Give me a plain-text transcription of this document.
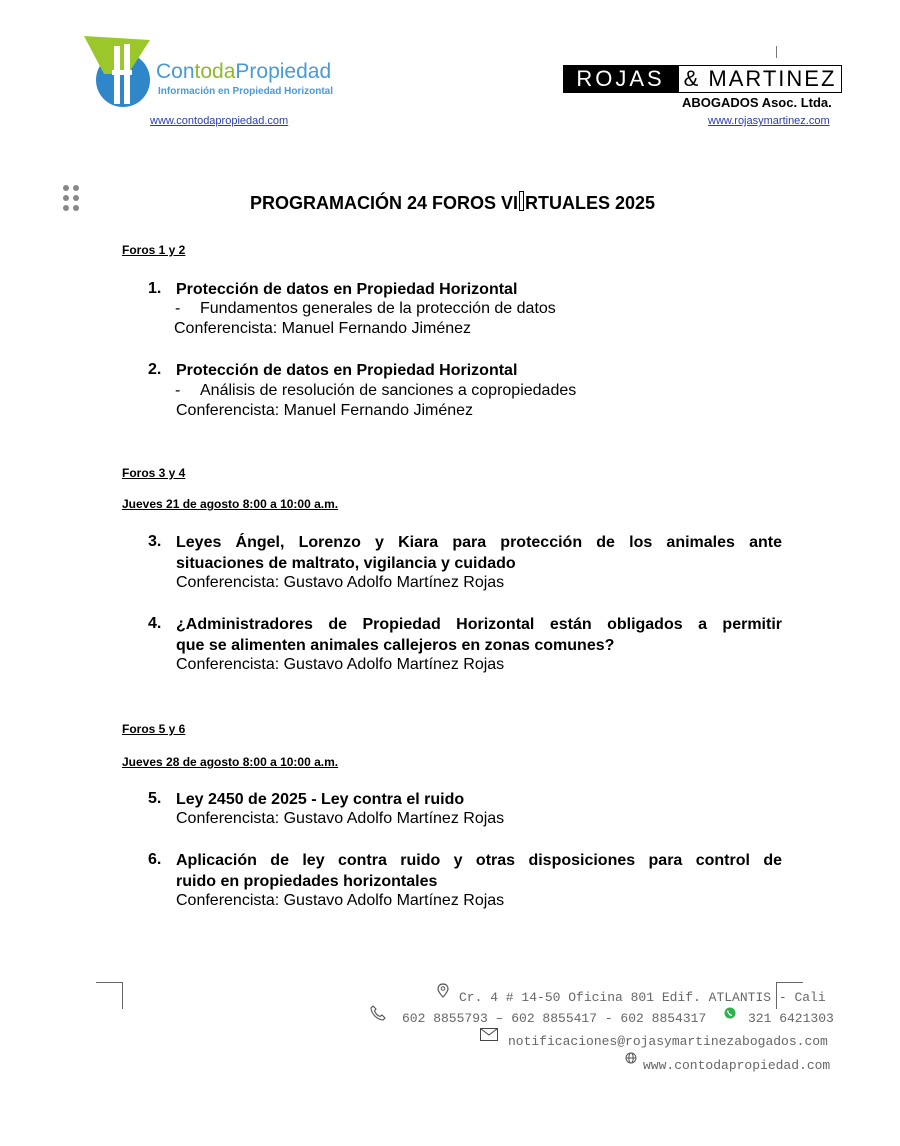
ContodaPropiedad
Información en Propiedad Horizontal
www.contodapropiedad.com
ROJAS & MARTINEZ
ABOGADOS Asoc. Ltda.
www.rojasymartinez.com
PROGRAMACIÓN 24 FOROS VI RTUALES 2025
Foros 1 y 2
1. Protección de datos en Propiedad Horizontal
- Fundamentos generales de la protección de datos
Conferencista: Manuel Fernando Jiménez
2. Protección de datos en Propiedad Horizontal
- Análisis de resolución de sanciones a copropiedades
Conferencista: Manuel Fernando Jiménez
Foros 3 y 4
Jueves 21 de agosto 8:00 a 10:00 a.m.
3. Leyes Ángel, Lorenzo y Kiara para protección de los animales ante
situaciones de maltrato, vigilancia y cuidado
Conferencista: Gustavo Adolfo Martínez Rojas
4. ¿Administradores de Propiedad Horizontal están obligados a permitir
que se alimenten animales callejeros en zonas comunes?
Conferencista: Gustavo Adolfo Martínez Rojas
Foros 5 y 6
Jueves 28 de agosto 8:00 a 10:00 a.m.
5. Ley 2450 de 2025 - Ley contra el ruido
Conferencista: Gustavo Adolfo Martínez Rojas
6. Aplicación de ley contra ruido y otras disposiciones para control de
ruido en propiedades horizontales
Conferencista: Gustavo Adolfo Martínez Rojas
Cr. 4 # 14-50 Oficina 801 Edif. ATLANTIS - Cali
602 8855793 – 602 8855417 - 602 8854317	321 6421303
notificaciones@rojasymartinezabogados.com
www.contodapropiedad.com
